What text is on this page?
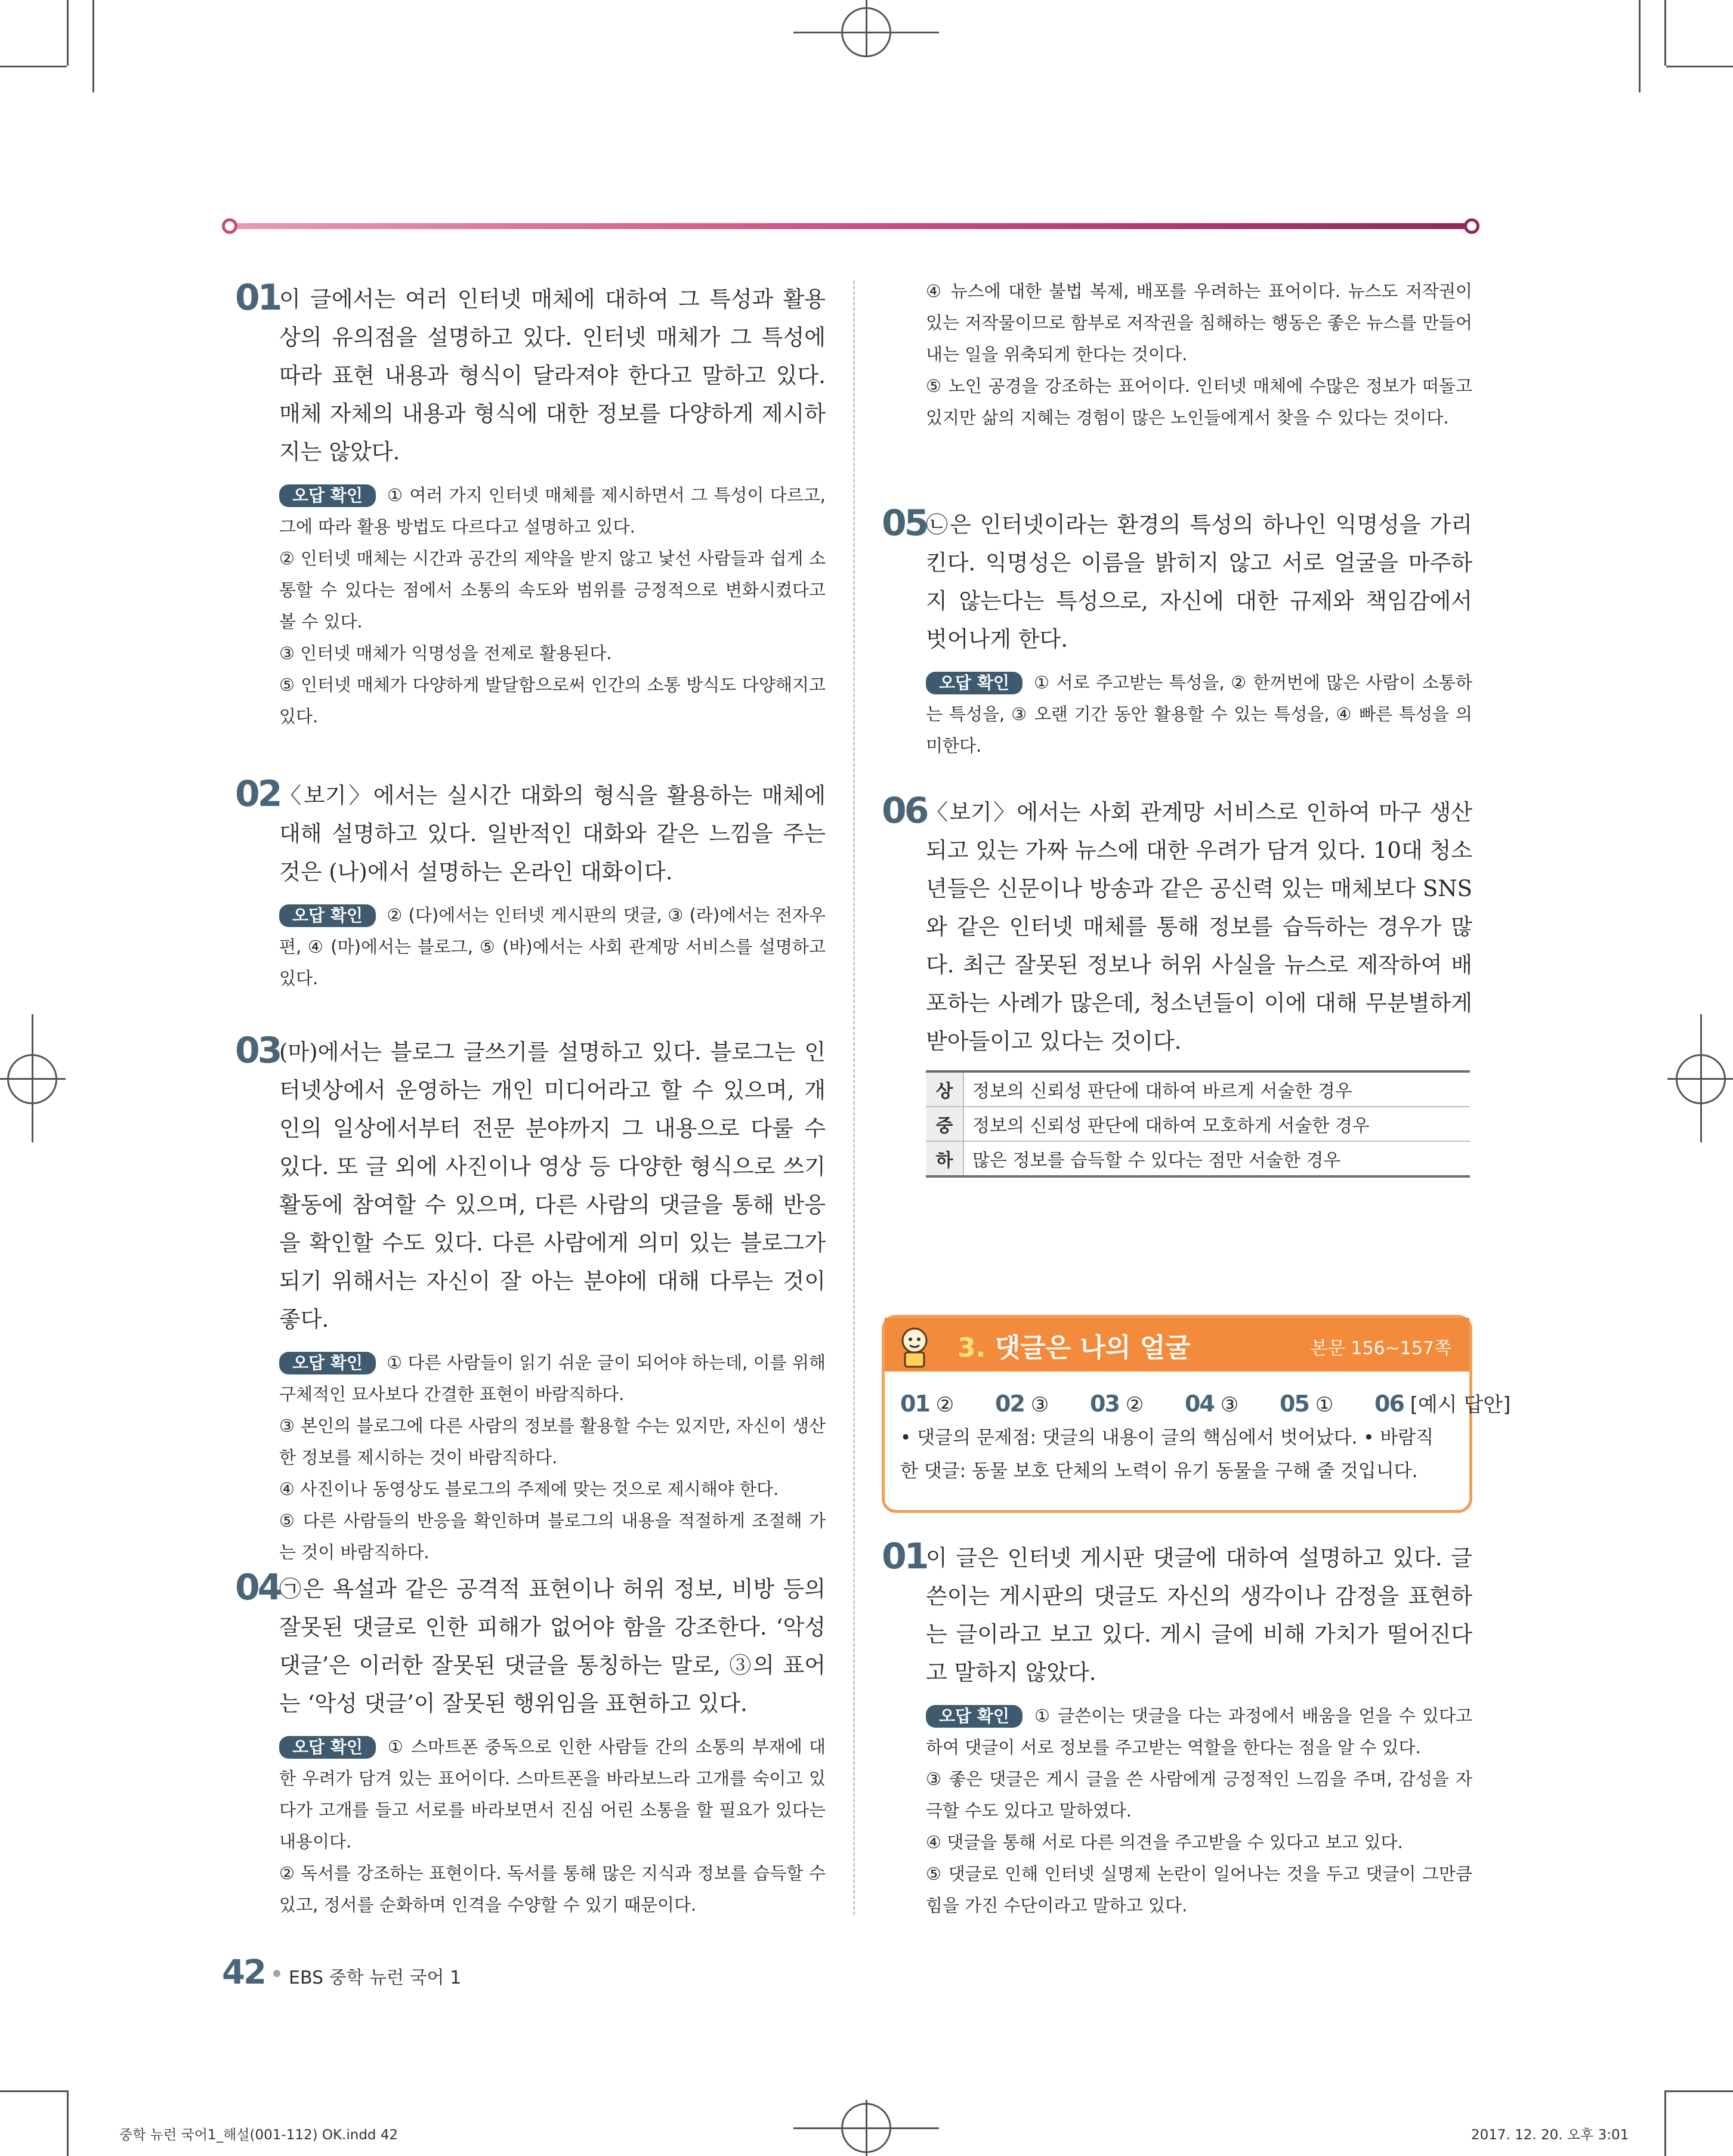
01
이 글에서는 여러 인터넷 매체에 대하여 그 특성과 활용상의 유의점을 설명하고 있다. 인터넷 매체가 그 특성에 따라 표현 내용과 형식이 달라져야 한다고 말하고 있다. 매체 자체의 내용과 형식에 대한 정보를 다양하게 제시하지는 않았다.

오답 확인 ① 여러 가지 인터넷 매체를 제시하면서 그 특성이 다르고, 그에 따라 활용 방법도 다르다고 설명하고 있다.

② 인터넷 매체는 시간과 공간의 제약을 받지 않고 낯선 사람들과 쉽게 소통할 수 있다는 점에서 소통의 속도와 범위를 긍정적으로 변화시켰다고 볼 수 있다.

③ 인터넷 매체가 익명성을 전제로 활용된다.

⑤ 인터넷 매체가 다양하게 발달함으로써 인간의 소통 방식도 다양해지고 있다.

02
〈보기〉에서는 실시간 대화의 형식을 활용하는 매체에 대해 설명하고 있다. 일반적인 대화와 같은 느낌을 주는 것은 (나)에서 설명하는 온라인 대화이다.

오답 확인 ② (다)에서는 인터넷 게시판의 댓글, ③ (라)에서는 전자우편, ④ (마)에서는 블로그, ⑤ (바)에서는 사회 관계망 서비스를 설명하고 있다.

03
(마)에서는 블로그 글쓰기를 설명하고 있다. 블로그는 인터넷상에서 운영하는 개인 미디어라고 할 수 있으며, 개인의 일상에서부터 전문 분야까지 그 내용으로 다룰 수 있다. 또 글 외에 사진이나 영상 등 다양한 형식으로 쓰기 활동에 참여할 수 있으며, 다른 사람의 댓글을 통해 반응을 확인할 수도 있다. 다른 사람에게 의미 있는 블로그가 되기 위해서는 자신이 잘 아는 분야에 대해 다루는 것이 좋다.

오답 확인 ① 다른 사람들이 읽기 쉬운 글이 되어야 하는데, 이를 위해 구체적인 묘사보다 간결한 표현이 바람직하다.

③ 본인의 블로그에 다른 사람의 정보를 활용할 수는 있지만, 자신이 생산한 정보를 제시하는 것이 바람직하다.

④ 사진이나 동영상도 블로그의 주제에 맞는 것으로 제시해야 한다.

⑤ 다른 사람들의 반응을 확인하며 블로그의 내용을 적절하게 조절해 가는 것이 바람직하다.

04
㉠은 욕설과 같은 공격적 표현이나 허위 정보, 비방 등의 잘못된 댓글로 인한 피해가 없어야 함을 강조한다. ‘악성 댓글’은 이러한 잘못된 댓글을 통칭하는 말로, ③의 표어는 ‘악성 댓글’이 잘못된 행위임을 표현하고 있다.

오답 확인 ① 스마트폰 중독으로 인한 사람들 간의 소통의 부재에 대한 우려가 담겨 있는 표어이다. 스마트폰을 바라보느라 고개를 숙이고 있다가 고개를 들고 서로를 바라보면서 진심 어린 소통을 할 필요가 있다는 내용이다.

② 독서를 강조하는 표현이다. 독서를 통해 많은 지식과 정보를 습득할 수 있고, 정서를 순화하며 인격을 수양할 수 있기 때문이다.

④ 뉴스에 대한 불법 복제, 배포를 우려하는 표어이다. 뉴스도 저작권이 있는 저작물이므로 함부로 저작권을 침해하는 행동은 좋은 뉴스를 만들어 내는 일을 위축되게 한다는 것이다.

⑤ 노인 공경을 강조하는 표어이다. 인터넷 매체에 수많은 정보가 떠돌고 있지만 삶의 지혜는 경험이 많은 노인들에게서 찾을 수 있다는 것이다.

05
㉡은 인터넷이라는 환경의 특성의 하나인 익명성을 가리킨다. 익명성은 이름을 밝히지 않고 서로 얼굴을 마주하지 않는다는 특성으로, 자신에 대한 규제와 책임감에서 벗어나게 한다.

오답 확인 ① 서로 주고받는 특성을, ② 한꺼번에 많은 사람이 소통하는 특성을, ③ 오랜 기간 동안 활용할 수 있는 특성을, ④ 빠른 특성을 의미한다.

06
〈보기〉에서는 사회 관계망 서비스로 인하여 마구 생산되고 있는 가짜 뉴스에 대한 우려가 담겨 있다. 10대 청소년들은 신문이나 방송과 같은 공신력 있는 매체보다 SNS와 같은 인터넷 매체를 통해 정보를 습득하는 경우가 많다. 최근 잘못된 정보나 허위 사실을 뉴스로 제작하여 배포하는 사례가 많은데, 청소년들이 이에 대해 무분별하게 받아들이고 있다는 것이다.
상	정보의 신뢰성 판단에 대하여 바르게 서술한 경우
중	정보의 신뢰성 판단에 대하여 모호하게 서술한 경우
하	많은 정보를 습득할 수 있다는 점만 서술한 경우
3. 댓글은 나의 얼굴	본문 156~157쪽
01 ② 02 ③ 03 ② 04 ③ 05 ① 06 [예시 답안]
• 댓글의 문제점: 댓글의 내용이 글의 핵심에서 벗어났다. • 바람직
한 댓글: 동물 보호 단체의 노력이 유기 동물을 구해 줄 것입니다.
01
이 글은 인터넷 게시판 댓글에 대하여 설명하고 있다. 글쓴이는 게시판의 댓글도 자신의 생각이나 감정을 표현하는 글이라고 보고 있다. 게시 글에 비해 가치가 떨어진다고 말하지 않았다.

오답 확인 ① 글쓴이는 댓글을 다는 과정에서 배움을 얻을 수 있다고 하여 댓글이 서로 정보를 주고받는 역할을 한다는 점을 알 수 있다.

③ 좋은 댓글은 게시 글을 쓴 사람에게 긍정적인 느낌을 주며, 감성을 자극할 수도 있다고 말하였다.

④ 댓글을 통해 서로 다른 의견을 주고받을 수 있다고 보고 있다.

⑤ 댓글로 인해 인터넷 실명제 논란이 일어나는 것을 두고 댓글이 그만큼 힘을 가진 수단이라고 말하고 있다.

42 EBS 중학 뉴런 국어 1
중학 뉴런 국어1_해설(001-112) OK.indd 42	2017. 12. 20. 오후 3:01
